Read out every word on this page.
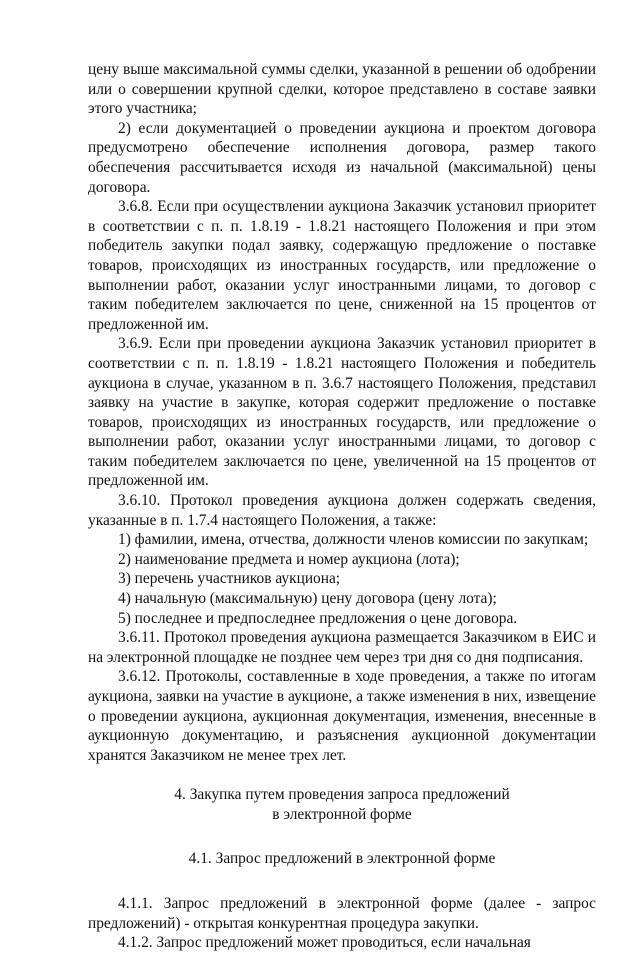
цену выше максимальной суммы сделки, указанной в решении об одобрении или о совершении крупной сделки, которое представлено в составе заявки этого участника;

2) если документацией о проведении аукциона и проектом договора предусмотрено обеспечение исполнения договора, размер такого обеспечения рассчитывается исходя из начальной (максимальной) цены договора.

3.6.8. Если при осуществлении аукциона Заказчик установил приоритет в соответствии с п. п. 1.8.19 - 1.8.21 настоящего Положения и при этом победитель закупки подал заявку, содержащую предложение о поставке товаров, происходящих из иностранных государств, или предложение о выполнении работ, оказании услуг иностранными лицами, то договор с таким победителем заключается по цене, сниженной на 15 процентов от предложенной им.

3.6.9. Если при проведении аукциона Заказчик установил приоритет в соответствии с п. п. 1.8.19 - 1.8.21 настоящего Положения и победитель аукциона в случае, указанном в п. 3.6.7 настоящего Положения, представил заявку на участие в закупке, которая содержит предложение о поставке товаров, происходящих из иностранных государств, или предложение о выполнении работ, оказании услуг иностранными лицами, то договор с таким победителем заключается по цене, увеличенной на 15 процентов от предложенной им.

3.6.10. Протокол проведения аукциона должен содержать сведения, указанные в п. 1.7.4 настоящего Положения, а также:

1) фамилии, имена, отчества, должности членов комиссии по закупкам;

2) наименование предмета и номер аукциона (лота);

3) перечень участников аукциона;

4) начальную (максимальную) цену договора (цену лота);

5) последнее и предпоследнее предложения о цене договора.

3.6.11. Протокол проведения аукциона размещается Заказчиком в ЕИС и на электронной площадке не позднее чем через три дня со дня подписания.

3.6.12. Протоколы, составленные в ходе проведения, а также по итогам аукциона, заявки на участие в аукционе, а также изменения в них, извещение о проведении аукциона, аукционная документация, изменения, внесенные в аукционную документацию, и разъяснения аукционной документации хранятся Заказчиком не менее трех лет.

4. Закупка путем проведения запроса предложений
в электронной форме
4.1. Запрос предложений в электронной форме

4.1.1. Запрос предложений в электронной форме (далее - запрос предложений) - открытая конкурентная процедура закупки.

4.1.2. Запрос предложений может проводиться, если начальная
